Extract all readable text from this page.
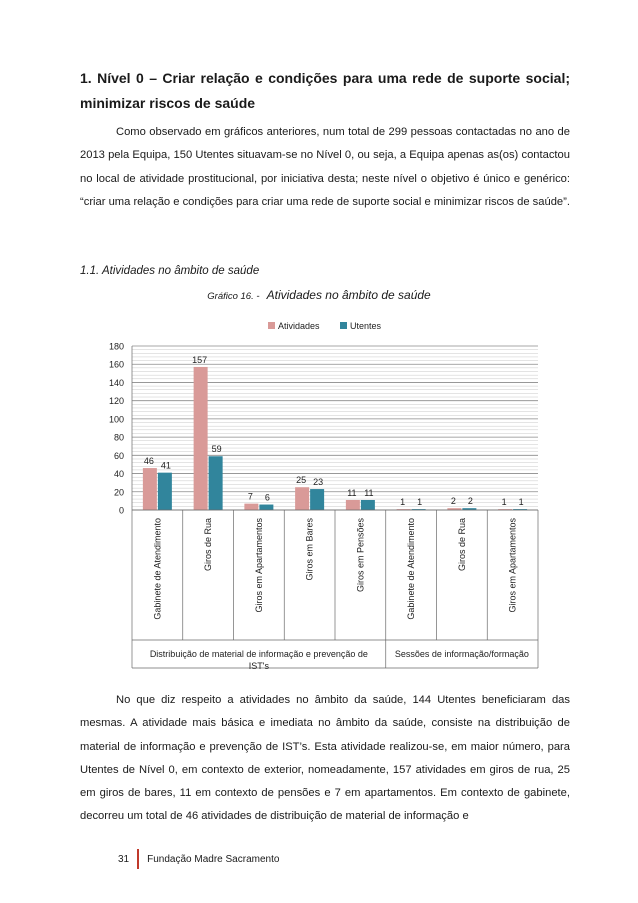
1. Nível 0 – Criar relação e condições para uma rede de suporte social; minimizar riscos de saúde
Como observado em gráficos anteriores, num total de 299 pessoas contactadas no ano de 2013 pela Equipa, 150 Utentes situavam-se no Nível 0, ou seja, a Equipa apenas as(os) contactou no local de atividade prostitucional, por iniciativa desta; neste nível o objetivo é único e genérico: “criar uma relação e condições para criar uma rede de suporte social e minimizar riscos de saúde”.
1.1. Atividades no âmbito de saúde
Gráfico 16. - Atividades no âmbito de saúde
Atividades	Utentes
0
20
40
60
80
100
120
140
160
180
46 41
157
59
7 6
25 23
11 11
1 1	2 2	1 1
Gabinete de Atendimento	Giros de Rua	Giros em Apartamentos	Giros em Bares	Giros em Pensões	Gabinete de Atendimento	Giros de Rua	Giros em Apartamentos
Distribuição de material de informação e prevenção de
IST's
Sessões de informação/formação
No que diz respeito a atividades no âmbito da saúde, 144 Utentes beneficiaram das mesmas. A atividade mais básica e imediata no âmbito da saúde, consiste na distribuição de material de informação e prevenção de IST’s. Esta atividade realizou-se, em maior número, para Utentes de Nível 0, em contexto de exterior, nomeadamente, 157 atividades em giros de rua, 25 em giros de bares, 11 em contexto de pensões e 7 em apartamentos. Em contexto de gabinete, decorreu um total de 46 atividades de distribuição de material de informação e
31 Fundação Madre Sacramento
